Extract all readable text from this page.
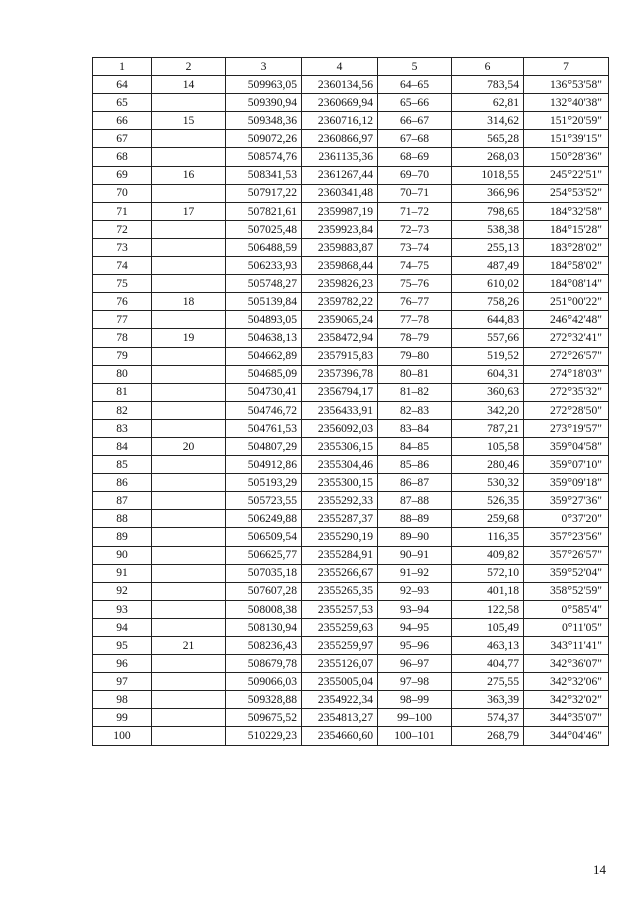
1	2	3	4	5	6	7
64	14	509963,05	2360134,56	64–65	783,54	136°53'58"
65		509390,94	2360669,94	65–66	62,81	132°40'38"
66	15	509348,36	2360716,12	66–67	314,62	151°20'59"
67		509072,26	2360866,97	67–68	565,28	151°39'15"
68		508574,76	2361135,36	68–69	268,03	150°28'36"
69	16	508341,53	2361267,44	69–70	1018,55	245°22'51"
70		507917,22	2360341,48	70–71	366,96	254°53'52"
71	17	507821,61	2359987,19	71–72	798,65	184°32'58"
72		507025,48	2359923,84	72–73	538,38	184°15'28"
73		506488,59	2359883,87	73–74	255,13	183°28'02"
74		506233,93	2359868,44	74–75	487,49	184°58'02"
75		505748,27	2359826,23	75–76	610,02	184°08'14"
76	18	505139,84	2359782,22	76–77	758,26	251°00'22"
77		504893,05	2359065,24	77–78	644,83	246°42'48"
78	19	504638,13	2358472,94	78–79	557,66	272°32'41"
79		504662,89	2357915,83	79–80	519,52	272°26'57"
80		504685,09	2357396,78	80–81	604,31	274°18'03"
81		504730,41	2356794,17	81–82	360,63	272°35'32"
82		504746,72	2356433,91	82–83	342,20	272°28'50"
83		504761,53	2356092,03	83–84	787,21	273°19'57"
84	20	504807,29	2355306,15	84–85	105,58	359°04'58"
85		504912,86	2355304,46	85–86	280,46	359°07'10"
86		505193,29	2355300,15	86–87	530,32	359°09'18"
87		505723,55	2355292,33	87–88	526,35	359°27'36"
88		506249,88	2355287,37	88–89	259,68	0°37'20"
89		506509,54	2355290,19	89–90	116,35	357°23'56"
90		506625,77	2355284,91	90–91	409,82	357°26'57"
91		507035,18	2355266,67	91–92	572,10	359°52'04"
92		507607,28	2355265,35	92–93	401,18	358°52'59"
93		508008,38	2355257,53	93–94	122,58	0°585'4"
94		508130,94	2355259,63	94–95	105,49	0°11'05"
95	21	508236,43	2355259,97	95–96	463,13	343°11'41"
96		508679,78	2355126,07	96–97	404,77	342°36'07"
97		509066,03	2355005,04	97–98	275,55	342°32'06"
98		509328,88	2354922,34	98–99	363,39	342°32'02"
99		509675,52	2354813,27	99–100	574,37	344°35'07"
100		510229,23	2354660,60	100–101	268,79	344°04'46"
14
